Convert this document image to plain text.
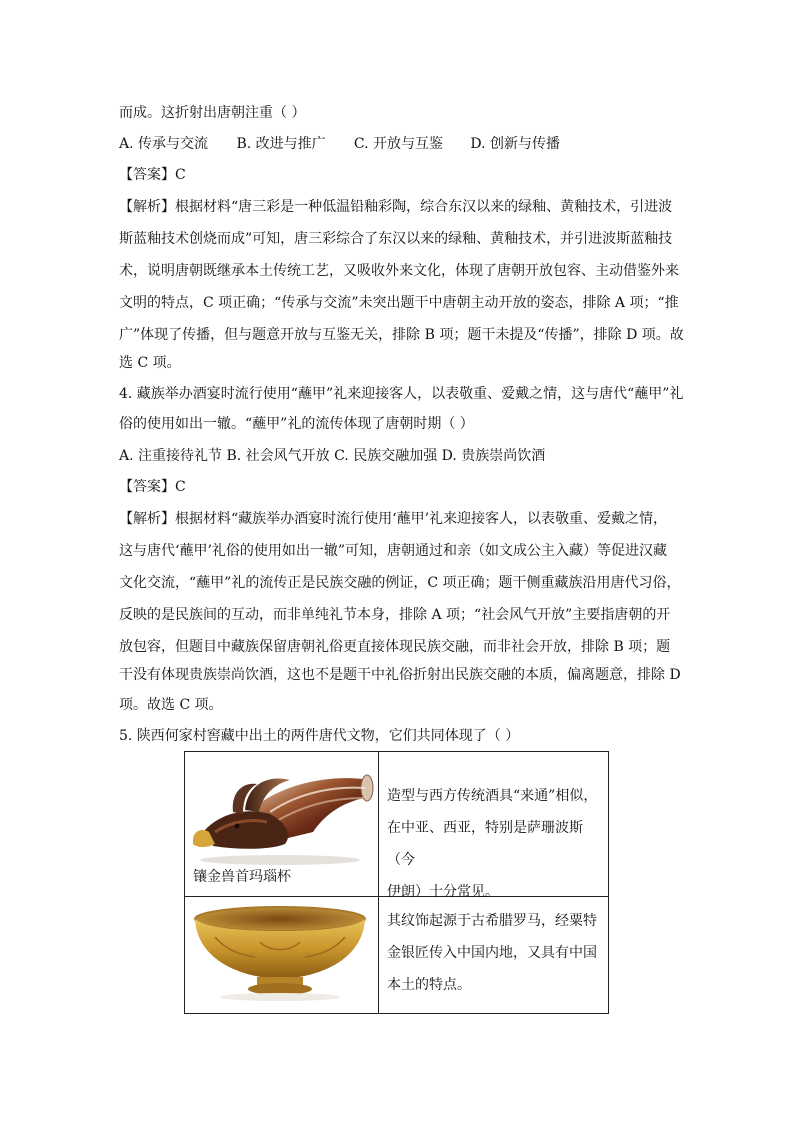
而成。这折射出唐朝注重（ ）
A. 传承与交流 B. 改进与推广 C. 开放与互鉴 D. 创新与传播
【答案】C
【解析】根据材料“唐三彩是一种低温铅釉彩陶，综合东汉以来的绿釉、黄釉技术，引进波
斯蓝釉技术创烧而成”可知，唐三彩综合了东汉以来的绿釉、黄釉技术，并引进波斯蓝釉技
术，说明唐朝既继承本土传统工艺，又吸收外来文化，体现了唐朝开放包容、主动借鉴外来
文明的特点，C 项正确；“传承与交流”未突出题干中唐朝主动开放的姿态，排除 A 项；“推
广”体现了传播，但与题意开放与互鉴无关，排除 B 项；题干未提及“传播”，排除 D 项。故
选 C 项。
4. 藏族举办酒宴时流行使用“蘸甲”礼来迎接客人，以表敬重、爱戴之情，这与唐代“蘸甲”礼
俗的使用如出一辙。“蘸甲”礼的流传体现了唐朝时期（ ）
A. 注重接待礼节 B. 社会风气开放 C. 民族交融加强 D. 贵族崇尚饮酒
【答案】C
【解析】根据材料“藏族举办酒宴时流行使用‘蘸甲’礼来迎接客人，以表敬重、爱戴之情，
这与唐代‘蘸甲’礼俗的使用如出一辙”可知，唐朝通过和亲（如文成公主入藏）等促进汉藏
文化交流，“蘸甲”礼的流传正是民族交融的例证，C 项正确；题干侧重藏族沿用唐代习俗，
反映的是民族间的互动，而非单纯礼节本身，排除 A 项；“社会风气开放”主要指唐朝的开
放包容，但题目中藏族保留唐朝礼俗更直接体现民族交融，而非社会开放，排除 B 项；题
干没有体现贵族崇尚饮酒，这也不是题干中礼俗折射出民族交融的本质，偏离题意，排除 D
项。故选 C 项。
5. 陕西何家村窖藏中出土的两件唐代文物，它们共同体现了（ ）
镶金兽首玛瑙杯	造型与西方传统酒具“来通”相似，
在中亚、西亚，特别是萨珊波斯（今
伊朗）十分常见。

其纹饰起源于古希腊罗马，经粟特
金银匠传入中国内地，又具有中国
本土的特点。
